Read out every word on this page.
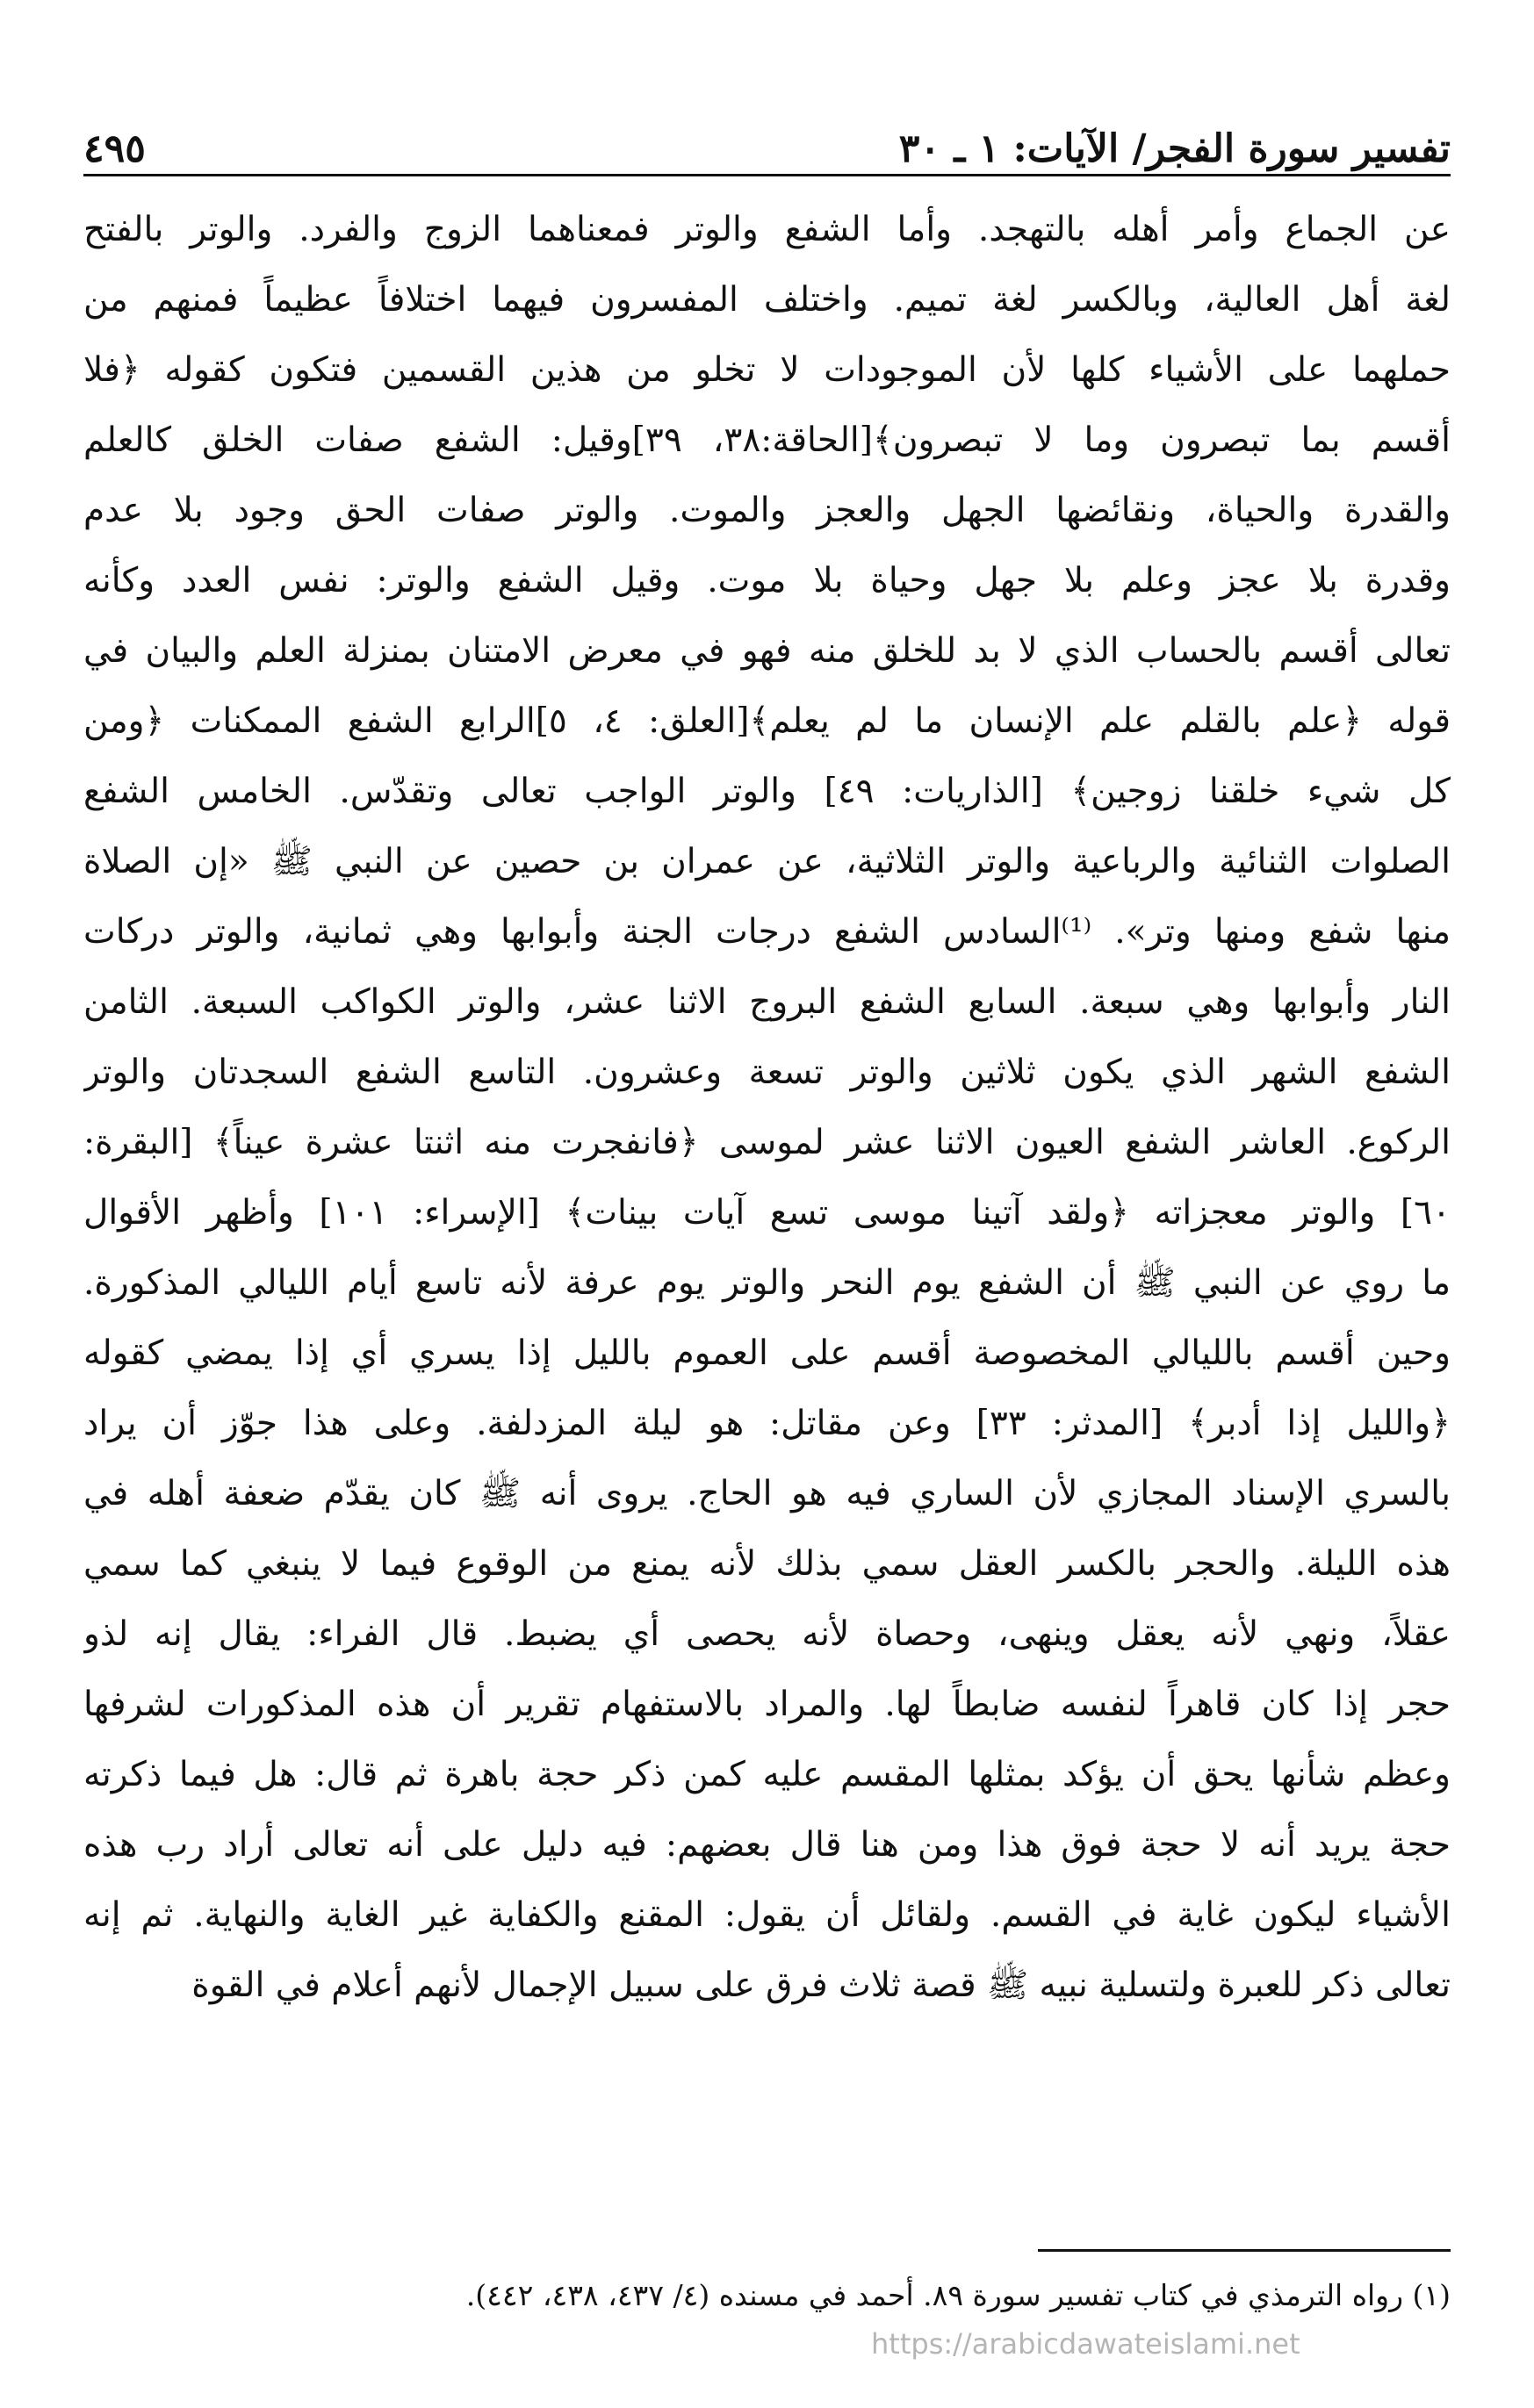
تفسير سورة الفجر/ الآيات: ١ ـ ٣٠
٤٩٥
عن الجماع وأمر أهله بالتهجد. وأما الشفع والوتر فمعناهما الزوج والفرد. والوتر بالفتح
لغة أهل العالية، وبالكسر لغة تميم. واختلف المفسرون فيهما اختلافاً عظيماً فمنهم من
حملهما على الأشياء كلها لأن الموجودات لا تخلو من هذين القسمين فتكون كقوله ﴿فلا
أقسم بما تبصرون وما لا تبصرون﴾[الحاقة:٣٨، ٣٩]وقيل: الشفع صفات الخلق كالعلم
والقدرة والحياة، ونقائضها الجهل والعجز والموت. والوتر صفات الحق وجود بلا عدم
وقدرة بلا عجز وعلم بلا جهل وحياة بلا موت. وقيل الشفع والوتر: نفس العدد وكأنه
تعالى أقسم بالحساب الذي لا بد للخلق منه فهو في معرض الامتنان بمنزلة العلم والبيان في
قوله ﴿علم بالقلم علم الإنسان ما لم يعلم﴾[العلق: ٤، ٥]الرابع الشفع الممكنات ﴿ومن
كل شيء خلقنا زوجين﴾ [الذاريات: ٤٩] والوتر الواجب تعالى وتقدّس. الخامس الشفع
الصلوات الثنائية والرباعية والوتر الثلاثية، عن عمران بن حصين عن النبي ﷺ «إن الصلاة
منها شفع ومنها وتر». ⁽¹⁾السادس الشفع درجات الجنة وأبوابها وهي ثمانية، والوتر دركات
النار وأبوابها وهي سبعة. السابع الشفع البروج الاثنا عشر، والوتر الكواكب السبعة. الثامن
الشفع الشهر الذي يكون ثلاثين والوتر تسعة وعشرون. التاسع الشفع السجدتان والوتر
الركوع. العاشر الشفع العيون الاثنا عشر لموسى ﴿فانفجرت منه اثنتا عشرة عيناً﴾ [البقرة:
٦٠] والوتر معجزاته ﴿ولقد آتينا موسى تسع آيات بينات﴾ [الإسراء: ١٠١] وأظهر الأقوال
ما روي عن النبي ﷺ أن الشفع يوم النحر والوتر يوم عرفة لأنه تاسع أيام الليالي المذكورة.
وحين أقسم بالليالي المخصوصة أقسم على العموم بالليل إذا يسري أي إذا يمضي كقوله
﴿والليل إذا أدبر﴾ [المدثر: ٣٣] وعن مقاتل: هو ليلة المزدلفة. وعلى هذا جوّز أن يراد
بالسري الإسناد المجازي لأن الساري فيه هو الحاج. يروى أنه ﷺ كان يقدّم ضعفة أهله في
هذه الليلة. والحجر بالكسر العقل سمي بذلك لأنه يمنع من الوقوع فيما لا ينبغي كما سمي
عقلاً، ونهي لأنه يعقل وينهى، وحصاة لأنه يحصى أي يضبط. قال الفراء: يقال إنه لذو
حجر إذا كان قاهراً لنفسه ضابطاً لها. والمراد بالاستفهام تقرير أن هذه المذكورات لشرفها
وعظم شأنها يحق أن يؤكد بمثلها المقسم عليه كمن ذكر حجة باهرة ثم قال: هل فيما ذكرته
حجة يريد أنه لا حجة فوق هذا ومن هنا قال بعضهم: فيه دليل على أنه تعالى أراد رب هذه
الأشياء ليكون غاية في القسم. ولقائل أن يقول: المقنع والكفاية غير الغاية والنهاية. ثم إنه
تعالى ذكر للعبرة ولتسلية نبيه ﷺ قصة ثلاث فرق على سبيل الإجمال لأنهم أعلام في القوة
(١) رواه الترمذي في كتاب تفسير سورة ٨٩. أحمد في مسنده (٤/ ٤٣٧، ٤٣٨، ٤٤٢).
https://arabicdawateislami.net
